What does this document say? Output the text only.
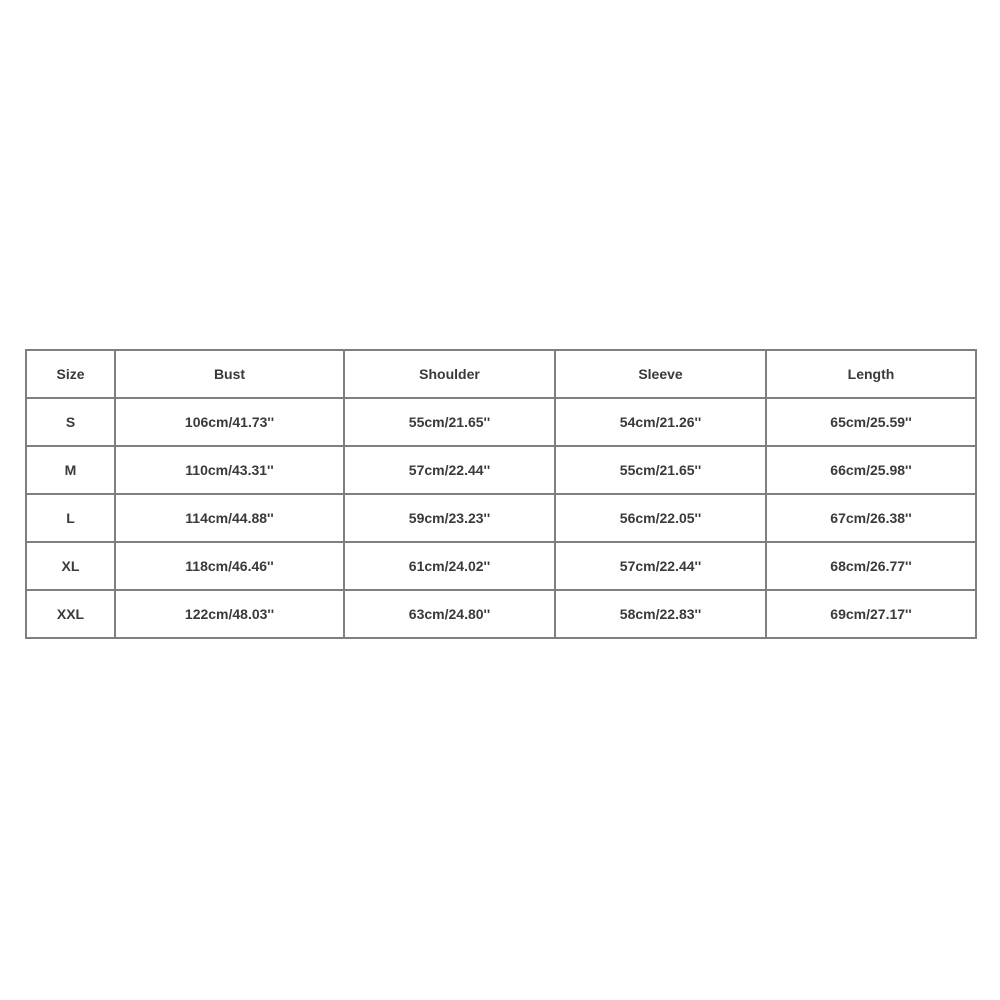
Size	Bust	Shoulder	Sleeve	Length
S	106cm/41.73''	55cm/21.65''	54cm/21.26''	65cm/25.59''
M	110cm/43.31''	57cm/22.44''	55cm/21.65''	66cm/25.98''
L	114cm/44.88''	59cm/23.23''	56cm/22.05''	67cm/26.38''
XL	118cm/46.46''	61cm/24.02''	57cm/22.44''	68cm/26.77''
XXL	122cm/48.03''	63cm/24.80''	58cm/22.83''	69cm/27.17''
